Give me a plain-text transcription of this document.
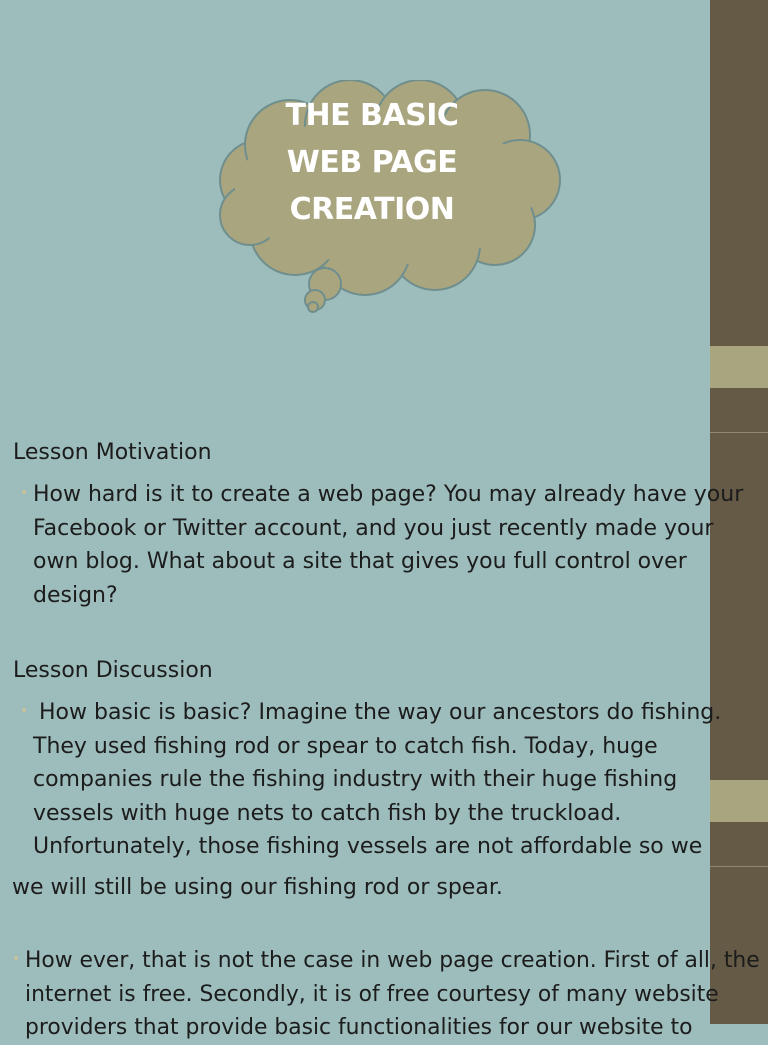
THE BASIC
WEB PAGE
CREATION
Lesson Motivation
• How hard is it to create a web page? You may already have your
Facebook or Twitter account, and you just recently made your
own blog. What about a site that gives you full control over
design?
Lesson Discussion
• How basic is basic? Imagine the way our ancestors do fishing.
They used fishing rod or spear to catch fish. Today, huge
companies rule the fishing industry with their huge fishing
vessels with huge nets to catch fish by the truckload.
Unfortunately, those fishing vessels are not affordable so we
we will still be using our fishing rod or spear.
• How ever, that is not the case in web page creation. First of all, the
internet is free. Secondly, it is of free courtesy of many website
providers that provide basic functionalities for our website to
